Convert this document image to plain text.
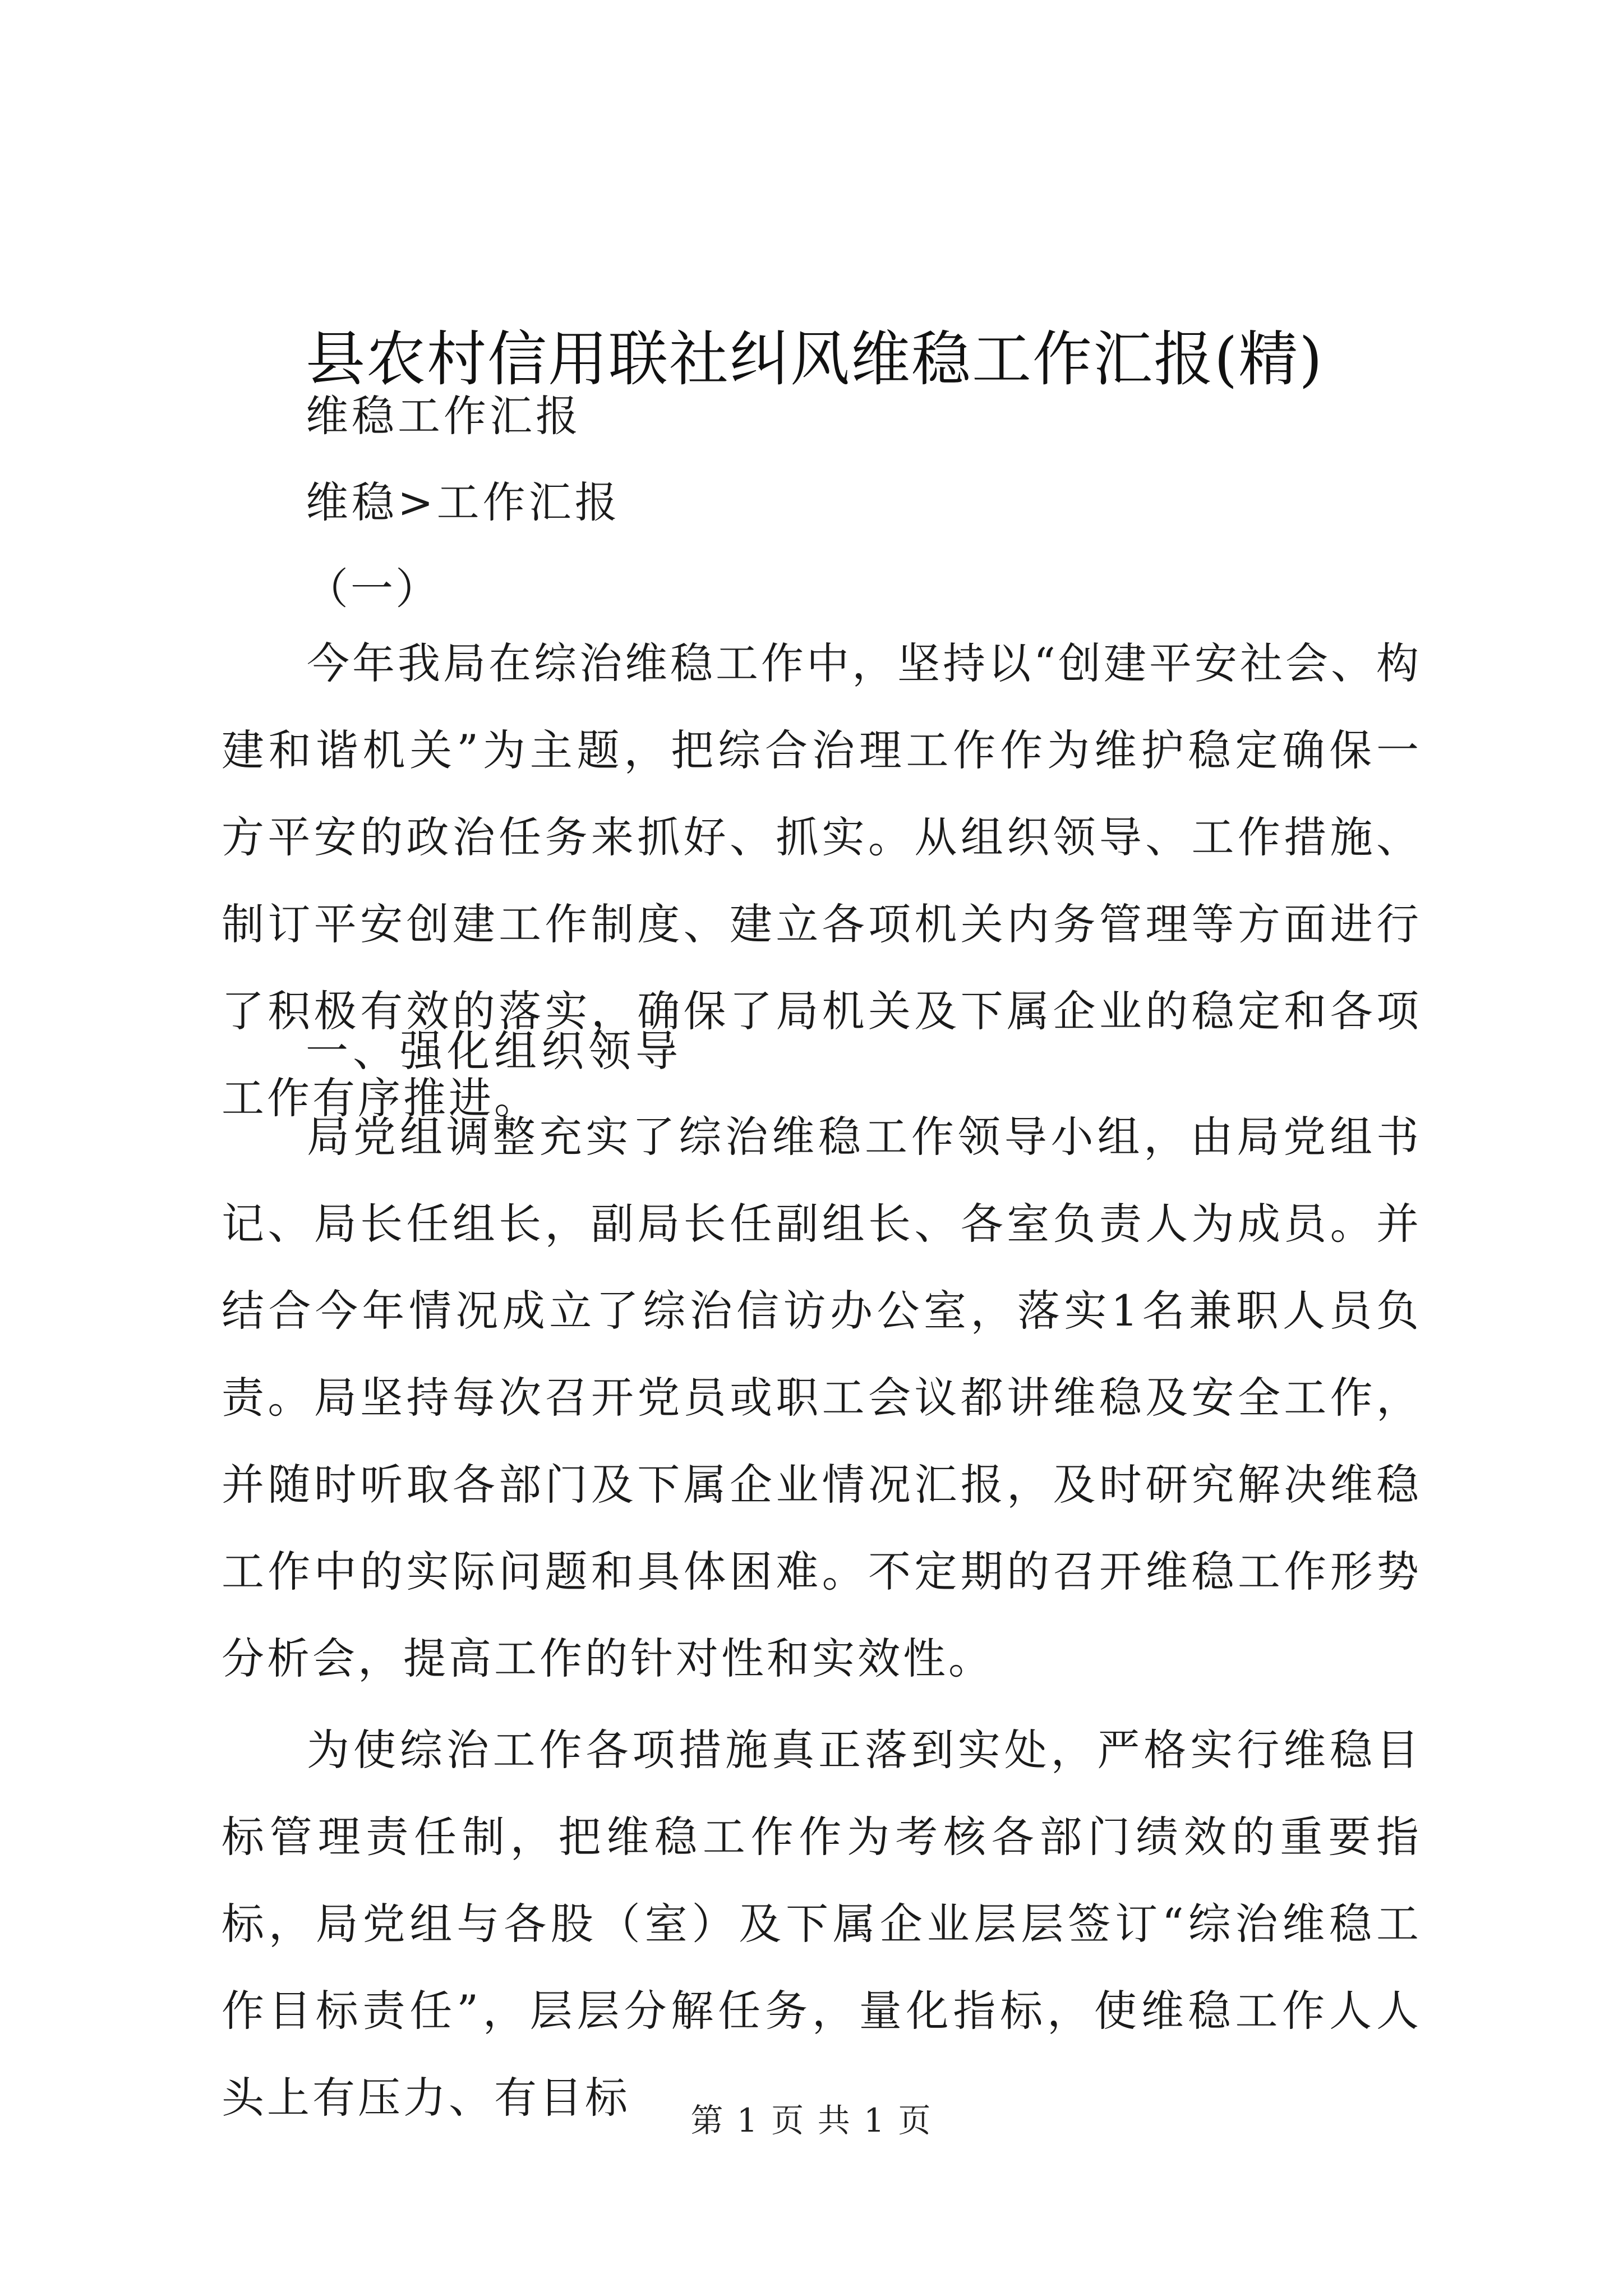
县农村信用联社纠风维稳工作汇报(精)
维稳工作汇报
维稳>工作汇报
（一）

今年我局在综治维稳工作中，坚持以“创建平安社会、构建和谐机关”为主题，把综合治理工作作为维护稳定确保一方平安的政治任务来抓好、抓实。从组织领导、工作措施、制订平安创建工作制度、建立各项机关内务管理等方面进行了积极有效的落实，确保了局机关及下属企业的稳定和各项工作有序推进。

一、强化组织领导

局党组调整充实了综治维稳工作领导小组，由局党组书记、局长任组长，副局长任副组长、各室负责人为成员。并结合今年情况成立了综治信访办公室，落实1名兼职人员负责。局坚持每次召开党员或职工会议都讲维稳及安全工作，并随时听取各部门及下属企业情况汇报，及时研究解决维稳工作中的实际问题和具体困难。不定期的召开维稳工作形势分析会，提高工作的针对性和实效性。

为使综治工作各项措施真正落到实处，严格实行维稳目标管理责任制，把维稳工作作为考核各部门绩效的重要指标，局党组与各股（室）及下属企业层层签订“综治维稳工作目标责任”，层层分解任务，量化指标，使维稳工作人人头上有压力、有目标	第 1 页 共 1 页
